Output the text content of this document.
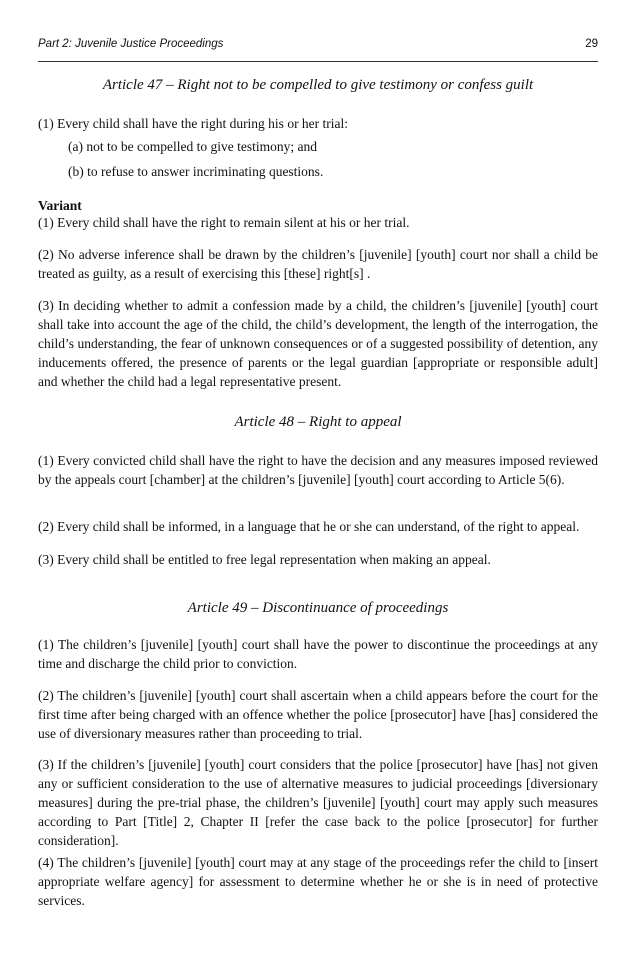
Part 2: Juvenile Justice Proceedings	29
Article 47 – Right not to be compelled to give testimony or confess guilt
(1) Every child shall have the right during his or her trial:
(a) not to be compelled to give testimony; and
(b) to refuse to answer incriminating questions.
Variant
(1) Every child shall have the right to remain silent at his or her trial.
(2) No adverse inference shall be drawn by the children’s [juvenile] [youth] court nor shall a child be treated as guilty, as a result of exercising this [these] right[s] .
(3) In deciding whether to admit a confession made by a child, the children’s [juvenile] [youth] court shall take into account the age of the child, the child’s development, the length of the interrogation, the child’s understanding, the fear of unknown consequences or of a suggested possibility of detention, any inducements offered, the presence of parents or the legal guardian [appropriate or responsible adult] and whether the child had a legal representative present.
Article 48 – Right to appeal
(1) Every convicted child shall have the right to have the decision and any measures imposed reviewed by the appeals court [chamber] at the children’s [juvenile] [youth] court according to Article 5(6).
(2) Every child shall be informed, in a language that he or she can understand, of the right to appeal.
(3) Every child shall be entitled to free legal representation when making an appeal.
Article 49 – Discontinuance of proceedings
(1) The children’s [juvenile] [youth] court shall have the power to discontinue the proceedings at any time and discharge the child prior to conviction.
(2) The children’s [juvenile] [youth] court shall ascertain when a child appears before the court for the first time after being charged with an offence whether the police [prosecutor] have [has] considered the use of diversionary measures rather than proceeding to trial.
(3) If the children’s [juvenile] [youth] court considers that the police [prosecutor] have [has] not given any or sufficient consideration to the use of alternative measures to judicial proceedings [diversionary measures] during the pre-trial phase, the children’s [juvenile] [youth] court may apply such measures according to Part [Title] 2, Chapter II [refer the case back to the police [prosecutor] for further consideration].
(4) The children’s [juvenile] [youth] court may at any stage of the proceedings refer the child to [insert appropriate welfare agency] for assessment to determine whether he or she is in need of protective services.
